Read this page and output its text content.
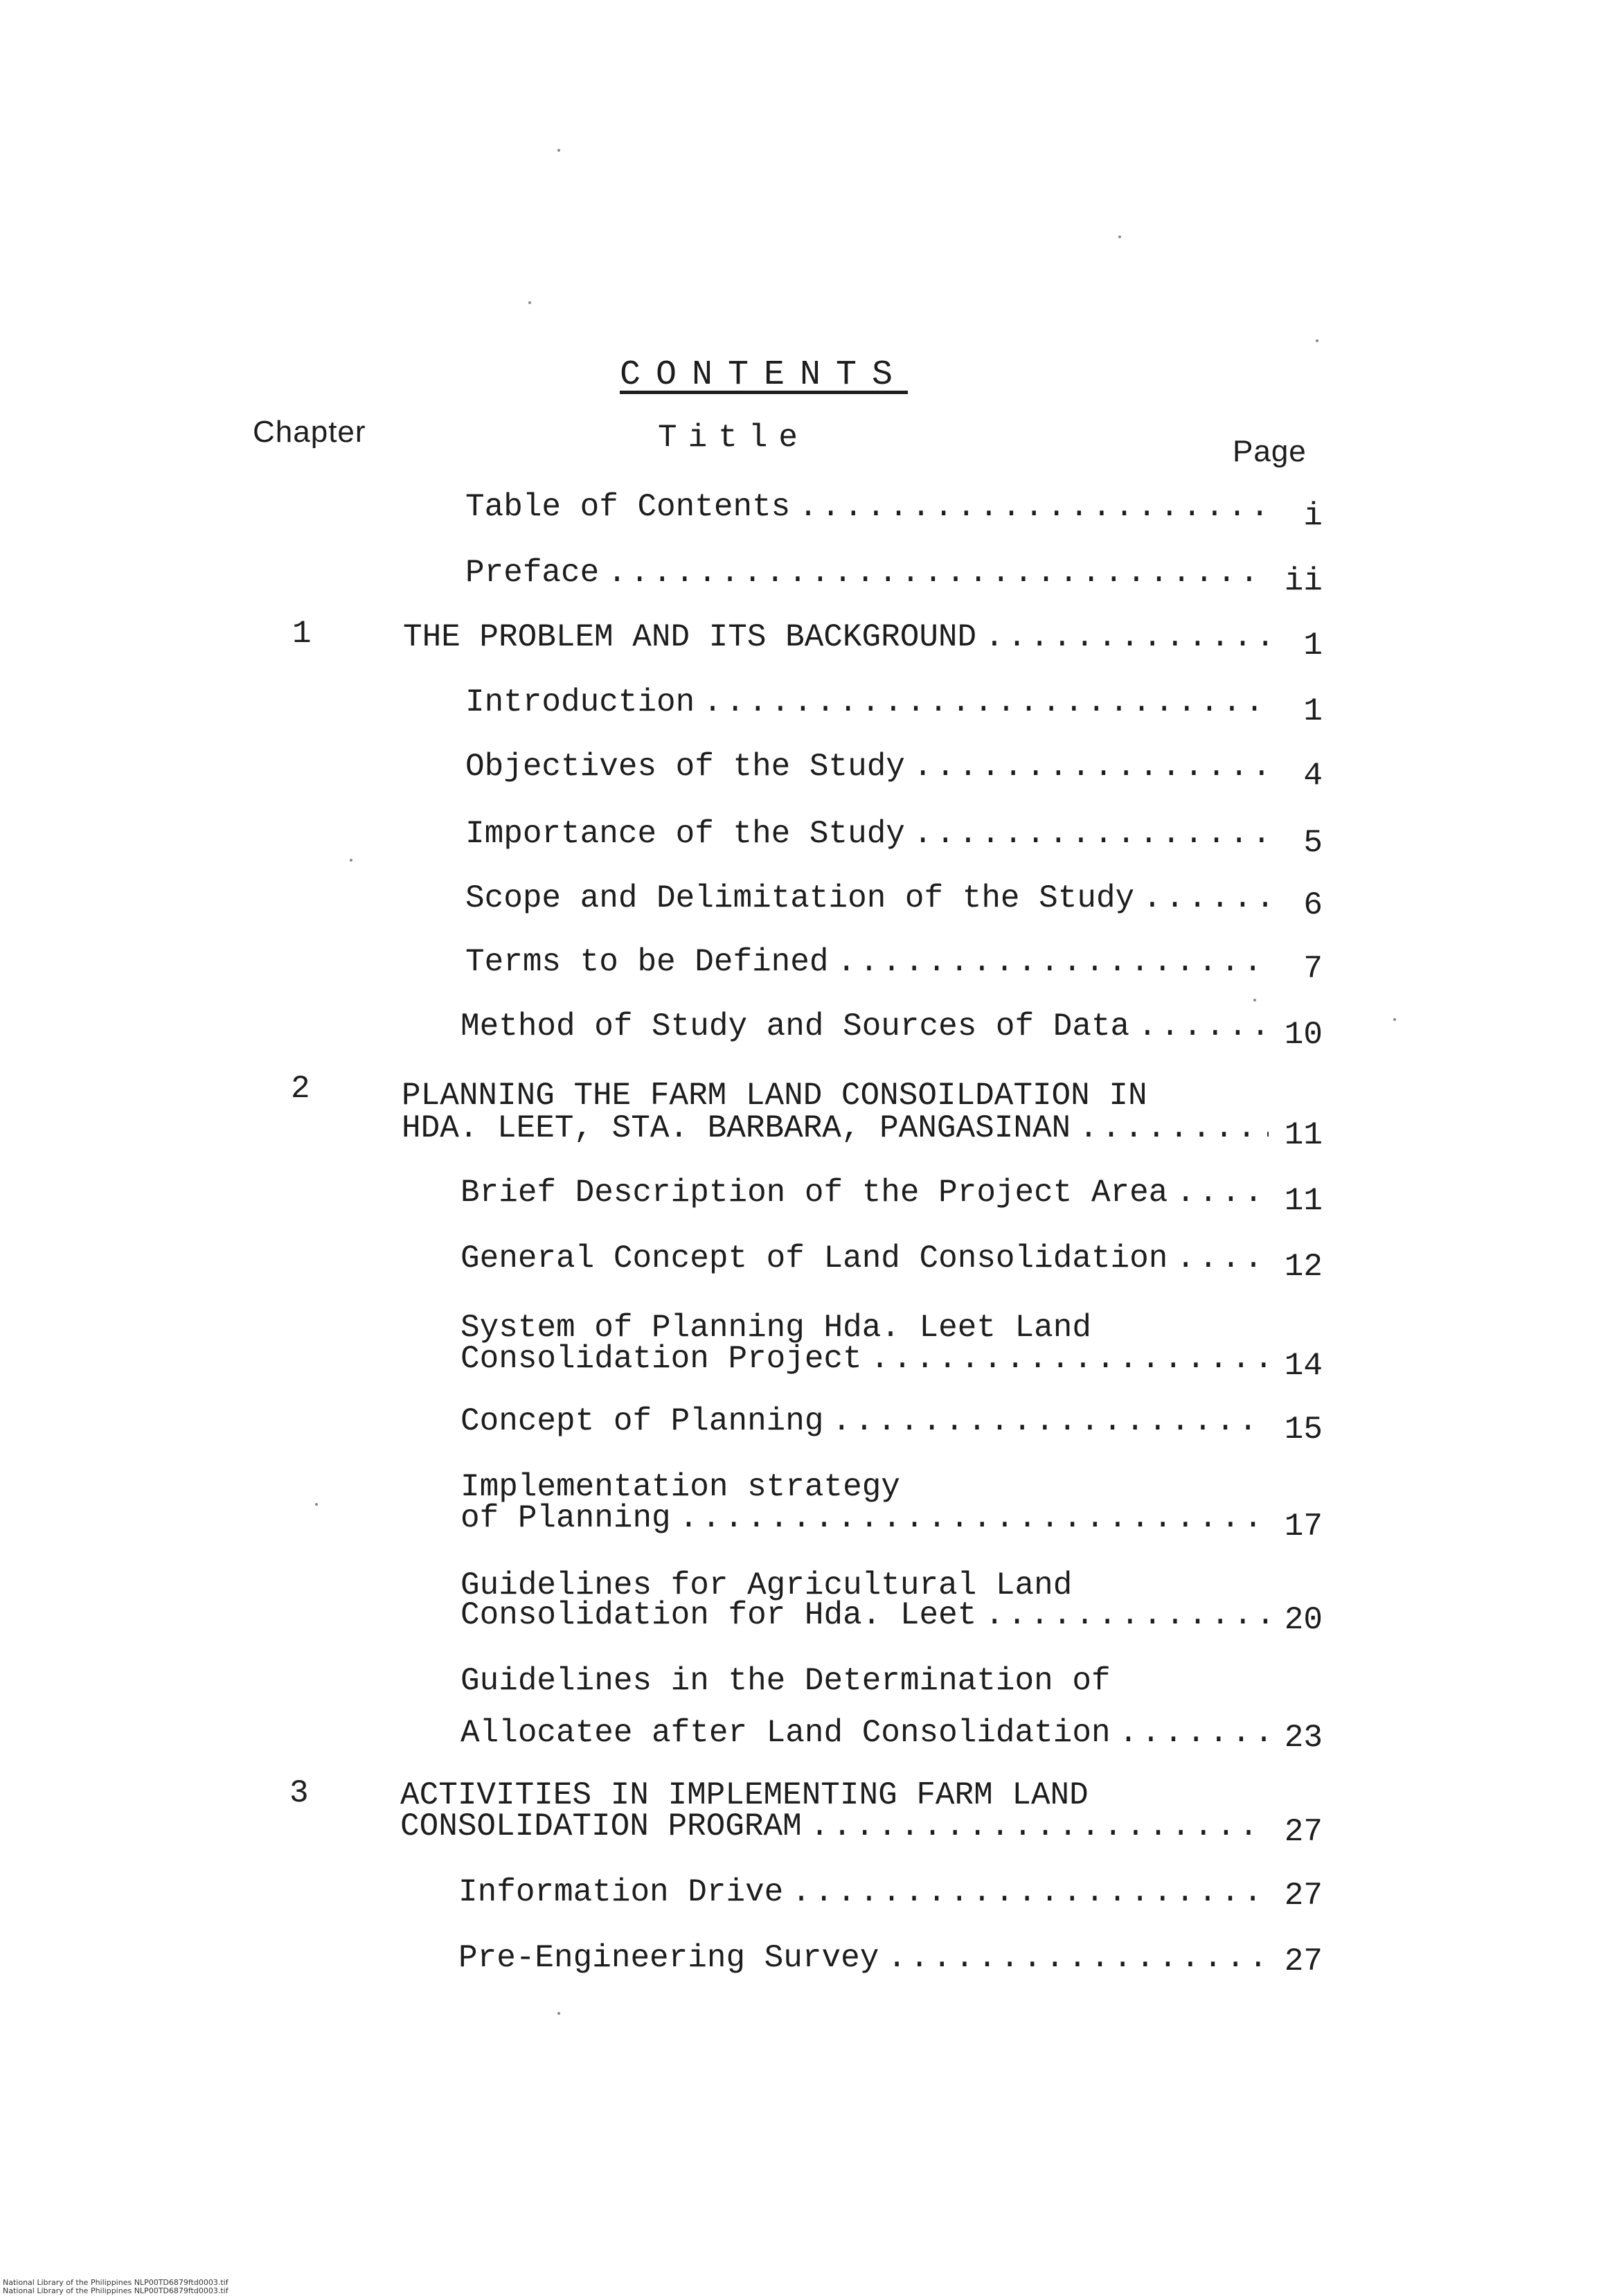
CONTENTS
Chapter	Title	Page
Table of Contents .....	i
Preface .....	ii
1	THE PROBLEM AND ITS BACKGROUND .....	1
Introduction .....	1
Objectives of the Study .....	4
Importance of the Study .....	5
Scope and Delimitation of the Study .....	6
Terms to be Defined .....	7
Method of Study and Sources of Data .....	10
2	PLANNING THE FARM LAND CONSOILDATION IN
HDA. LEET, STA. BARBARA, PANGASINAN .....	11
Brief Description of the Project Area .....	11
General Concept of Land Consolidation .....	12
System of Planning Hda. Leet Land
Consolidation Project .....	14
Concept of Planning .....	15
Implementation strategy
of Planning .....	17
Guidelines for Agricultural Land
Consolidation for Hda. Leet .....	20
Guidelines in the Determination of
Allocatee after Land Consolidation .....	23
3	ACTIVITIES IN IMPLEMENTING FARM LAND
CONSOLIDATION PROGRAM .....	27
Information Drive .....	27
Pre-Engineering Survey .....	27
National Library of the Philippines NLP00TD6879ftd0003.tif
National Library of the Philippines NLP00TD6879ftd0003.tif
